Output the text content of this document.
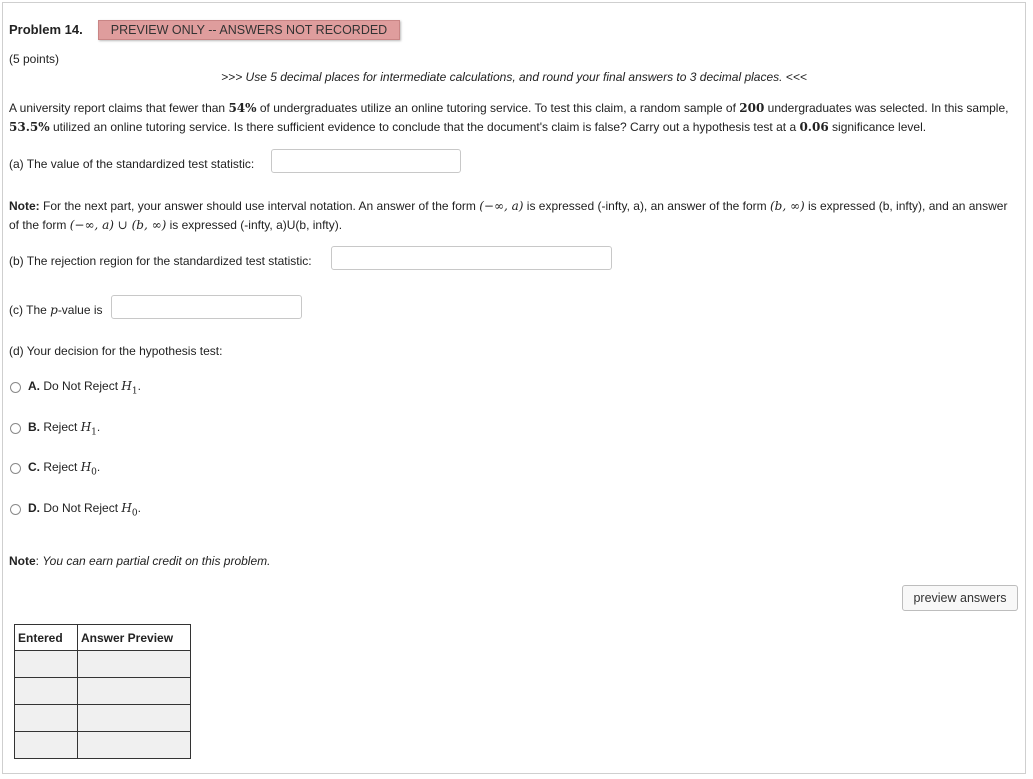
Problem 14.	PREVIEW ONLY -- ANSWERS NOT RECORDED
(5 points)
>>> Use 5 decimal places for intermediate calculations, and round your final answers to 3 decimal places. <<<
A university report claims that fewer than 54% of undergraduates utilize an online tutoring service. To test this claim, a random sample of 200 undergraduates was selected. In this sample, 53.5% utilized an online tutoring service. Is there sufficient evidence to conclude that the document's claim is false? Carry out a hypothesis test at a 0.06 significance level.
(a) The value of the standardized test statistic:
Note: For the next part, your answer should use interval notation. An answer of the form (−∞, a) is expressed (-infty, a), an answer of the form (b, ∞) is expressed (b, infty), and an answer of the form (−∞, a) ∪ (b, ∞) is expressed (-infty, a)U(b, infty).
(b) The rejection region for the standardized test statistic:
(c) The p-value is
(d) Your decision for the hypothesis test:
A. Do Not Reject $H_1$.
B. Reject $H_1$.
C. Reject $H_0$.
D. Do Not Reject $H_0$.
Note: You can earn partial credit on this problem.
preview answers
Entered	Answer Preview
